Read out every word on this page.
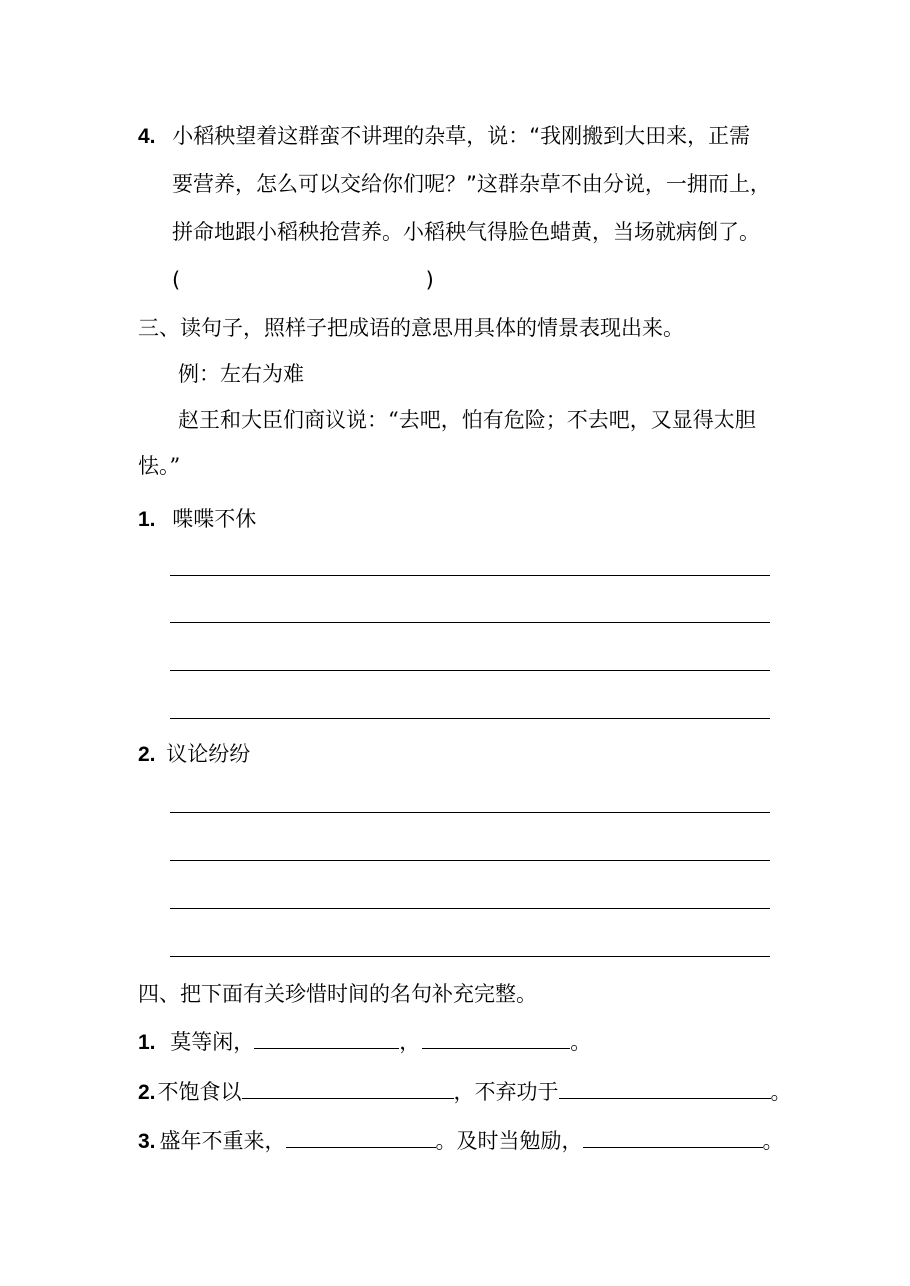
4. 小稻秧望着这群蛮不讲理的杂草，说：“我刚搬到大田来，正需
要营养，怎么可以交给你们呢？”这群杂草不由分说，一拥而上，
拼命地跟小稻秧抢营养。小稻秧气得脸色蜡黄，当场就病倒了。
(	)
三、读句子，照样子把成语的意思用具体的情景表现出来。
例：左右为难
赵王和大臣们商议说：“去吧，怕有危险；不去吧，又显得太胆
怯。”
1. 喋喋不休
2. 议论纷纷
四、把下面有关珍惜时间的名句补充完整。
1. 莫等闲，	，	。
2.不饱食以	，不弃功于	。
3. 盛年不重来，	。及时当勉励，	。
